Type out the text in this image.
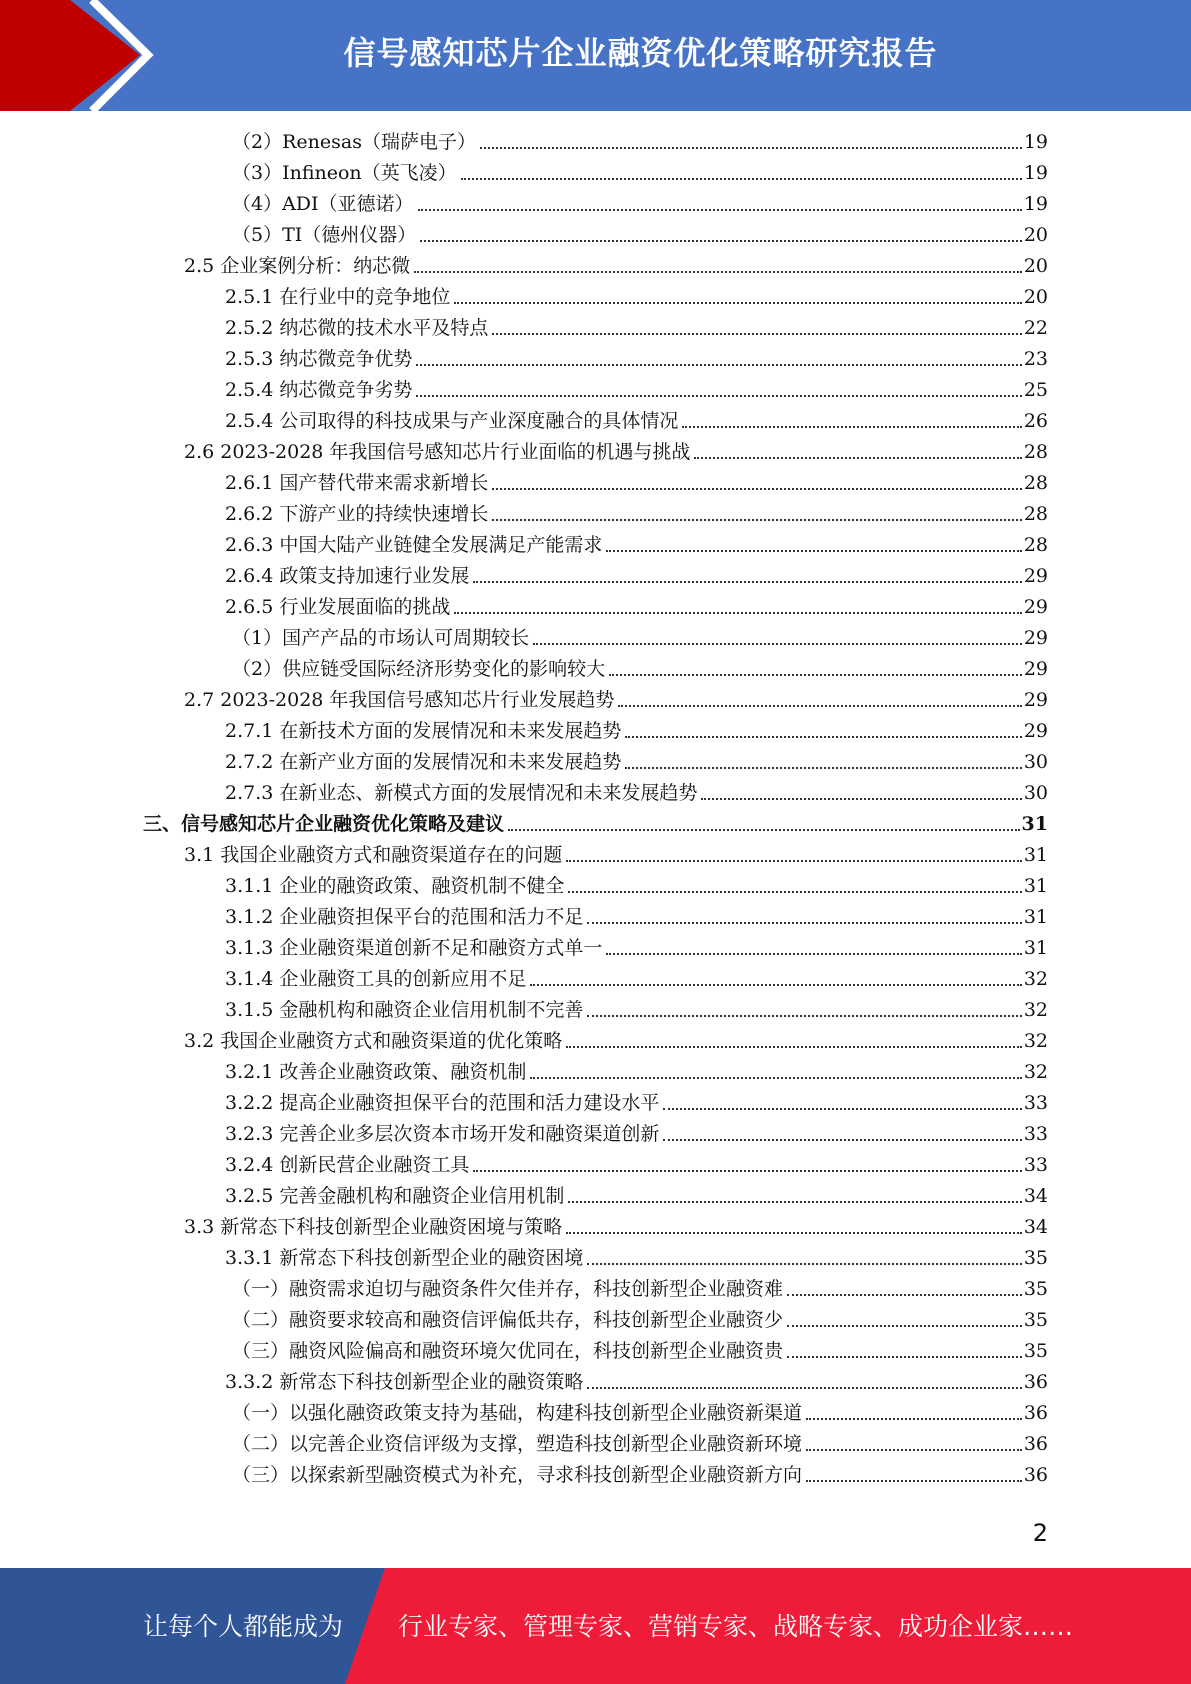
信号感知芯片企业融资优化策略研究报告
（2）Renesas（瑞萨电子）	19
（3）Infineon（英飞凌）	19
（4）ADI（亚德诺）	19
（5）TI（德州仪器）	20
2.5 企业案例分析：纳芯微	20
2.5.1 在行业中的竞争地位	20
2.5.2 纳芯微的技术水平及特点	22
2.5.3 纳芯微竞争优势	23
2.5.4 纳芯微竞争劣势	25
2.5.4 公司取得的科技成果与产业深度融合的具体情况	26
2.6 2023-2028 年我国信号感知芯片行业面临的机遇与挑战	28
2.6.1 国产替代带来需求新增长	28
2.6.2 下游产业的持续快速增长	28
2.6.3 中国大陆产业链健全发展满足产能需求	28
2.6.4 政策支持加速行业发展	29
2.6.5 行业发展面临的挑战	29
（1）国产产品的市场认可周期较长	29
（2）供应链受国际经济形势变化的影响较大	29
2.7 2023-2028 年我国信号感知芯片行业发展趋势	29
2.7.1 在新技术方面的发展情况和未来发展趋势	29
2.7.2 在新产业方面的发展情况和未来发展趋势	30
2.7.3 在新业态、新模式方面的发展情况和未来发展趋势	30
三、信号感知芯片企业融资优化策略及建议	31
3.1 我国企业融资方式和融资渠道存在的问题	31
3.1.1 企业的融资政策、融资机制不健全	31
3.1.2 企业融资担保平台的范围和活力不足	31
3.1.3 企业融资渠道创新不足和融资方式单一	31
3.1.4 企业融资工具的创新应用不足	32
3.1.5 金融机构和融资企业信用机制不完善	32
3.2 我国企业融资方式和融资渠道的优化策略	32
3.2.1 改善企业融资政策、融资机制	32
3.2.2 提高企业融资担保平台的范围和活力建设水平	33
3.2.3 完善企业多层次资本市场开发和融资渠道创新	33
3.2.4 创新民营企业融资工具	33
3.2.5 完善金融机构和融资企业信用机制	34
3.3 新常态下科技创新型企业融资困境与策略	34
3.3.1 新常态下科技创新型企业的融资困境	35
（一）融资需求迫切与融资条件欠佳并存，科技创新型企业融资难	35
（二）融资要求较高和融资信评偏低共存，科技创新型企业融资少	35
（三）融资风险偏高和融资环境欠优同在，科技创新型企业融资贵	35
3.3.2 新常态下科技创新型企业的融资策略	36
（一）以强化融资政策支持为基础，构建科技创新型企业融资新渠道	36
（二）以完善企业资信评级为支撑，塑造科技创新型企业融资新环境	36
（三）以探索新型融资模式为补充，寻求科技创新型企业融资新方向	36
2
让每个人都能成为 行业专家、管理专家、营销专家、战略专家、成功企业家……
